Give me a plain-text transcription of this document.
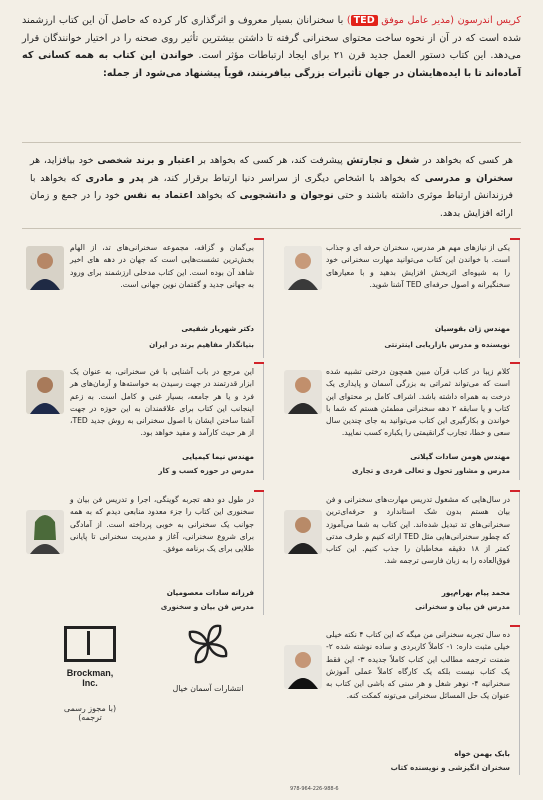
کریس اندرسون (مدیر عامل موفق TED) با سخنرانان بسیار معروف و اثرگذاری کار کرده که حاصل آن این کتاب ارزشمند شده است که در آن از نحوه ساخت محتوای سخنرانی گرفته تا داشتن بیشترین تأثیر روی صحنه را در اختیار خوانندگان قرار می‌دهد. این کتاب دستور العمل جدید قرن ۲۱ برای ایجاد ارتباطات مؤثر است. خواندن این کتاب به همه کسانی که آماده‌اند تا با ایده‌هایشان در جهان تأثیرات بزرگی بیافرینند، قویاً پیشنهاد می‌شود از جمله:
هر کسی که بخواهد در شغل و تجارتش پیشرفت کند، هر کسی که بخواهد بر اعتبار و برند شخصی خود بیافزاید، هر سخنران و مدرسی که بخواهد با اشخاص دیگری از سراسر دنیا ارتباط برقرار کند، هر پدر و مادری که بخواهد با فرزندانش ارتباط موثری داشته باشند و حتی نوجوان و دانشجویی که بخواهد اعتماد به نفس خود را در جمع و زمان ارائه افزایش بدهد.
یکی از نیازهای مهم هر مدرس، سخنران حرفه ای و جذاب است. با خواندن این کتاب می‌توانید مهارت سخنرانی خود را به شیوه‌ای اثربخش افزایش بدهید و با معیارهای سخنگیرانه و اصول حرفه‌ای TED آشنا شوید.
مهندس ژان بقوسیان
نویسنده و مدرس بازاریابی اینترنتی
بی‌گمان و گزافه، مجموعه سخنرانی‌های تد، از الهام بخش‌ترین تشست‌هایی است که جهان در دهه های اخیر شاهد آن بوده است. این کتاب مدخلی ارزشمند برای ورود به جهانی جدید و گفتمان نوین جهانی است.
دکتر شهریار شفیعی
بنیانگذار مفاهیم برند در ایران
کلام زیبا در کتاب قرآن مبین همچون درختی تشبیه شده است که می‌تواند ثمراتی به بزرگی آسمان و پایداری یک درخت به همراه داشته باشد. اشراف کامل بر محتوای این کتاب و یا سابقه ۲ دهه سخنرانی مطمئن هستم که شما با خواندن و بکارگیری این کتاب می‌توانید به جای چندین سال سعی و خطا، تجارب گرانقیمتی را یکباره کسب نمایید.
مهندس هومن سادات گیلانی
مدرس و مشاور تحول و تعالی فردی و تجاری
این مرجع در باب آشنایی با فن سخنرانی، به عنوان یک ابزار قدرتمند در جهت رسیدن به خواسته‌ها و آرمان‌های هر فرد و یا هر جامعه، بسیار غنی و کامل است. به زعم اینجانب این کتاب برای علاقمندان به این حوزه در جهت آشنا ساختن ایشان با اصول سخنرانی به روش جدید TED، از هر حیث کارآمد و مفید خواهد بود.
مهندس نیما کیمیایی
مدرس در حوزه کسب و کار
در سال‌هایی که مشغول تدریس مهارت‌های سخنرانی و فن بیان هستم بدون شک استاندارد و حرفه‌ای‌ترین سخنرانی‌های تد تبدیل شده‌اند. این کتاب به شما می‌آموزد که چطور سخنرانی‌هایی مثل TED ارائه کنیم و طرف مدتی کمتر از ۱۸ دقیقه مخاطبان را جذب کنیم. این کتاب فوق‌العاده را به زبان فارسی ترجمه شد.
محمد پیام بهرام‌پور
مدرس فن بیان و سخنرانی
در طول دو دهه تجربه گوینگی، اجرا و تدریس فن بیان و سخنوری این کتاب را جزء معدود منابعی دیدم که به همه جوانب یک سخنرانی به خوبی پرداخته است. از آمادگی برای شروع سخنرانی، آغاز و مدیریت سخنرانی تا پایانی طلایی برای یک برنامه موفق.
فرزانه سادات معصومیان
مدرس فن بیان و سخنوری
ده سال تجربه سخنرانی من میگه که این کتاب ۴ نکته خیلی خیلی مثبت داره: ۱- کاملاً کاربردی و ساده نوشته شده ۲- ضمنت ترجمه مطالب این کتاب کاملاً جدیده ۳- این فقط یک کتاب نیست بلکه یک کارگاه کاملاً عملی آموزش سخنرانیه ۴- نوهر شغل و هر سنی که باشی این کتاب به عنوان یک حل المسائل سخنرانی می‌تونه کمکت کنه.
بابک بهمن خواه
سخنران انگیزشی و نویسنده کتاب
Brockman, Inc.
(با مجوز رسمی ترجمه)
انتشارات آسمان خیال
978-964-226-988-6
